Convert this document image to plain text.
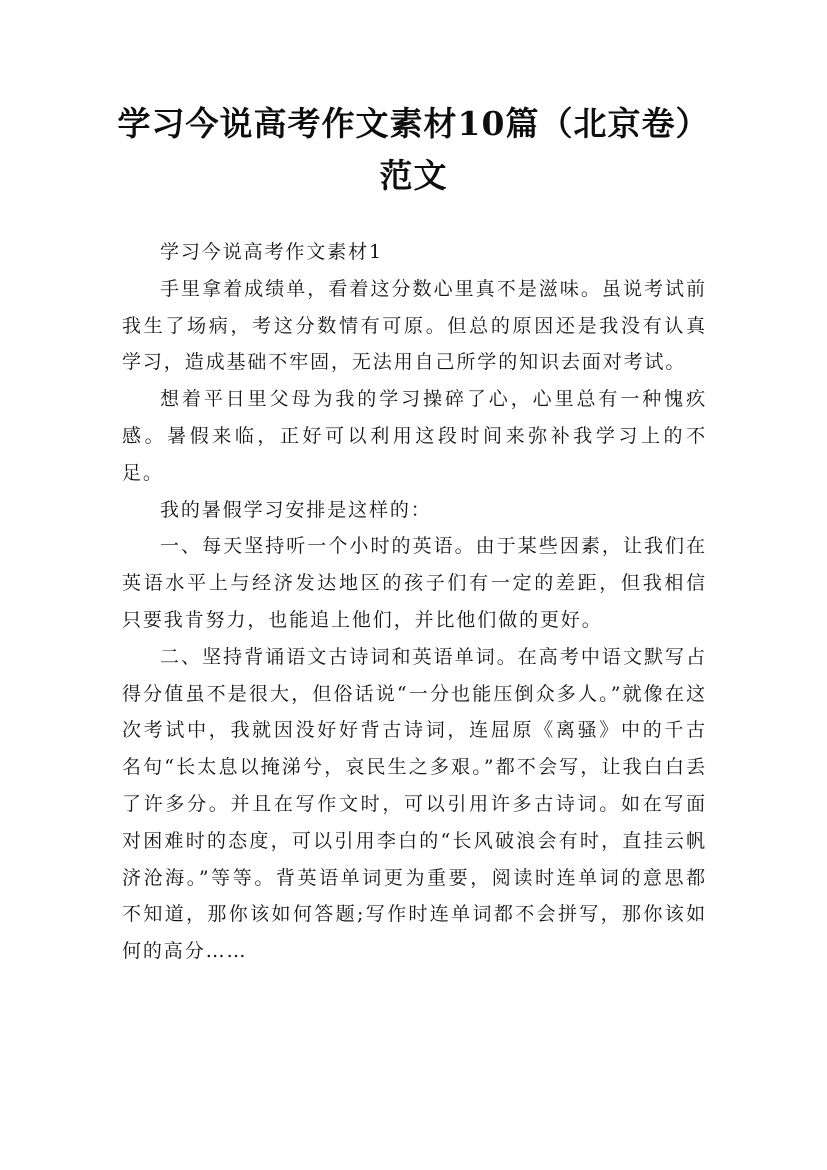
学习今说高考作文素材10篇（北京卷）范文

学习今说高考作文素材1

手里拿着成绩单，看着这分数心里真不是滋味。虽说考试前我生了场病，考这分数情有可原。但总的原因还是我没有认真学习，造成基础不牢固，无法用自己所学的知识去面对考试。

想着平日里父母为我的学习操碎了心，心里总有一种愧疚感。暑假来临，正好可以利用这段时间来弥补我学习上的不足。

我的暑假学习安排是这样的：

一、每天坚持听一个小时的英语。由于某些因素，让我们在英语水平上与经济发达地区的孩子们有一定的差距，但我相信只要我肯努力，也能追上他们，并比他们做的更好。

二、坚持背诵语文古诗词和英语单词。在高考中语文默写占得分值虽不是很大，但俗话说“一分也能压倒众多人。”就像在这次考试中，我就因没好好背古诗词，连屈原《离骚》中的千古名句“长太息以掩涕兮，哀民生之多艰。”都不会写，让我白白丢了许多分。并且在写作文时，可以引用许多古诗词。如在写面对困难时的态度，可以引用李白的“长风破浪会有时，直挂云帆济沧海。”等等。背英语单词更为重要，阅读时连单词的意思都不知道，那你该如何答题;写作时连单词都不会拼写，那你该如何的高分……
